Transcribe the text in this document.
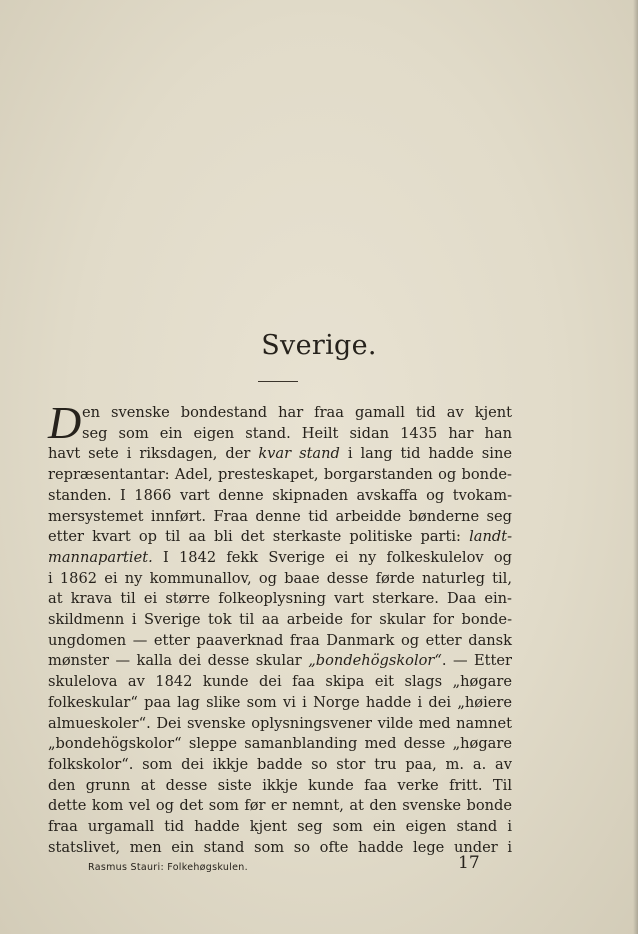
Sverige.
D en svenske bondestand har fraa gamall tid av kjent
seg som ein eigen stand. Heilt sidan 1435 har han
havt sete i riksdagen, der kvar stand i lang tid hadde sine
repræsentantar: Adel, presteskapet, borgarstanden og bonde-
standen. I 1866 vart denne skipnaden avskaffa og tvokam-
mersystemet innført. Fraa denne tid arbeidde bønderne seg
etter kvart op til aa bli det sterkaste politiske parti: landt-
mannapartiet. I 1842 fekk Sverige ei ny folkeskulelov og
i 1862 ei ny kommunallov, og baae desse førde naturleg til,
at krava til ei større folkeoplysning vart sterkare. Daa ein-
skildmenn i Sverige tok til aa arbeide for skular for bonde-
ungdomen — etter paaverknad fraa Danmark og etter dansk
mønster — kalla dei desse skular „bondehögskolor“. — Etter
skulelova av 1842 kunde dei faa skipa eit slags „høgare
folkeskular“ paa lag slike som vi i Norge hadde i dei „høiere
almueskoler“. Dei svenske oplysningsvener vilde med namnet
„bondehögskolor“ sleppe samanblanding med desse „høgare
folkskolor“. som dei ikkje badde so stor tru paa, m. a. av
den grunn at desse siste ikkje kunde faa verke fritt. Til
dette kom vel og det som før er nemnt, at den svenske bonde
fraa urgamall tid hadde kjent seg som ein eigen stand i
statslivet, men ein stand som so ofte hadde lege under i
Rasmus Stauri: Folkehøgskulen.	17
